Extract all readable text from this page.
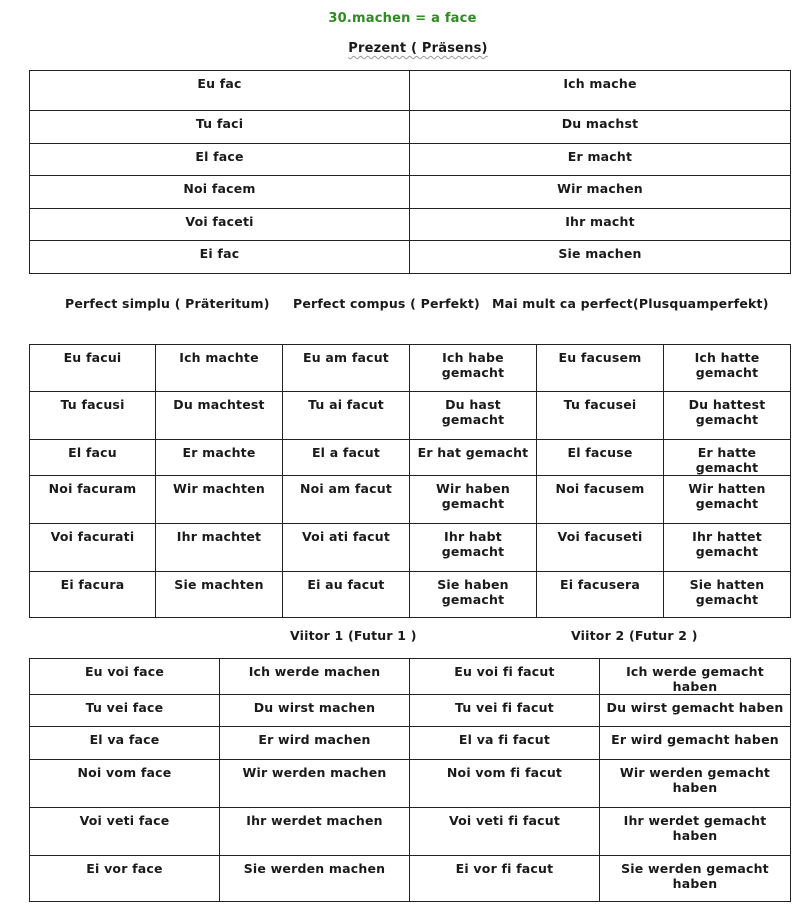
30.machen = a face
Prezent ( Präsens)
Eu fac	Ich mache
Tu faci	Du machst
El face	Er macht
Noi facem	Wir machen
Voi faceti	Ihr macht
Ei fac	Sie machen
Perfect simplu ( Präteritum) Perfect compus ( Perfekt) Mai mult ca perfect(Plusquamperfekt)
Eu facui	Ich machte	Eu am facut	Ich habe gemacht	Eu facusem	Ich hatte gemacht
Tu facusi	Du machtest	Tu ai facut	Du hast gemacht	Tu facusei	Du hattest gemacht
El facu	Er machte	El a facut	Er hat gemacht	El facuse	Er hatte gemacht
Noi facuram	Wir machten	Noi am facut	Wir haben gemacht	Noi facusem	Wir hatten gemacht
Voi facurati	Ihr machtet	Voi ati facut	Ihr habt gemacht	Voi facuseti	Ihr hattet gemacht
Ei facura	Sie machten	Ei au facut	Sie haben gemacht	Ei facusera	Sie hatten gemacht
Viitor 1 (Futur 1 )	Viitor 2 (Futur 2 )
Eu voi face	Ich werde machen	Eu voi fi facut	Ich werde gemacht haben
Tu vei face	Du wirst machen	Tu vei fi facut	Du wirst gemacht haben
El va face	Er wird machen	El va fi facut	Er wird gemacht haben
Noi vom face	Wir werden machen	Noi vom fi facut	Wir werden gemacht haben
Voi veti face	Ihr werdet machen	Voi veti fi facut	Ihr werdet gemacht haben
Ei vor face	Sie werden machen	Ei vor fi facut	Sie werden gemacht haben
